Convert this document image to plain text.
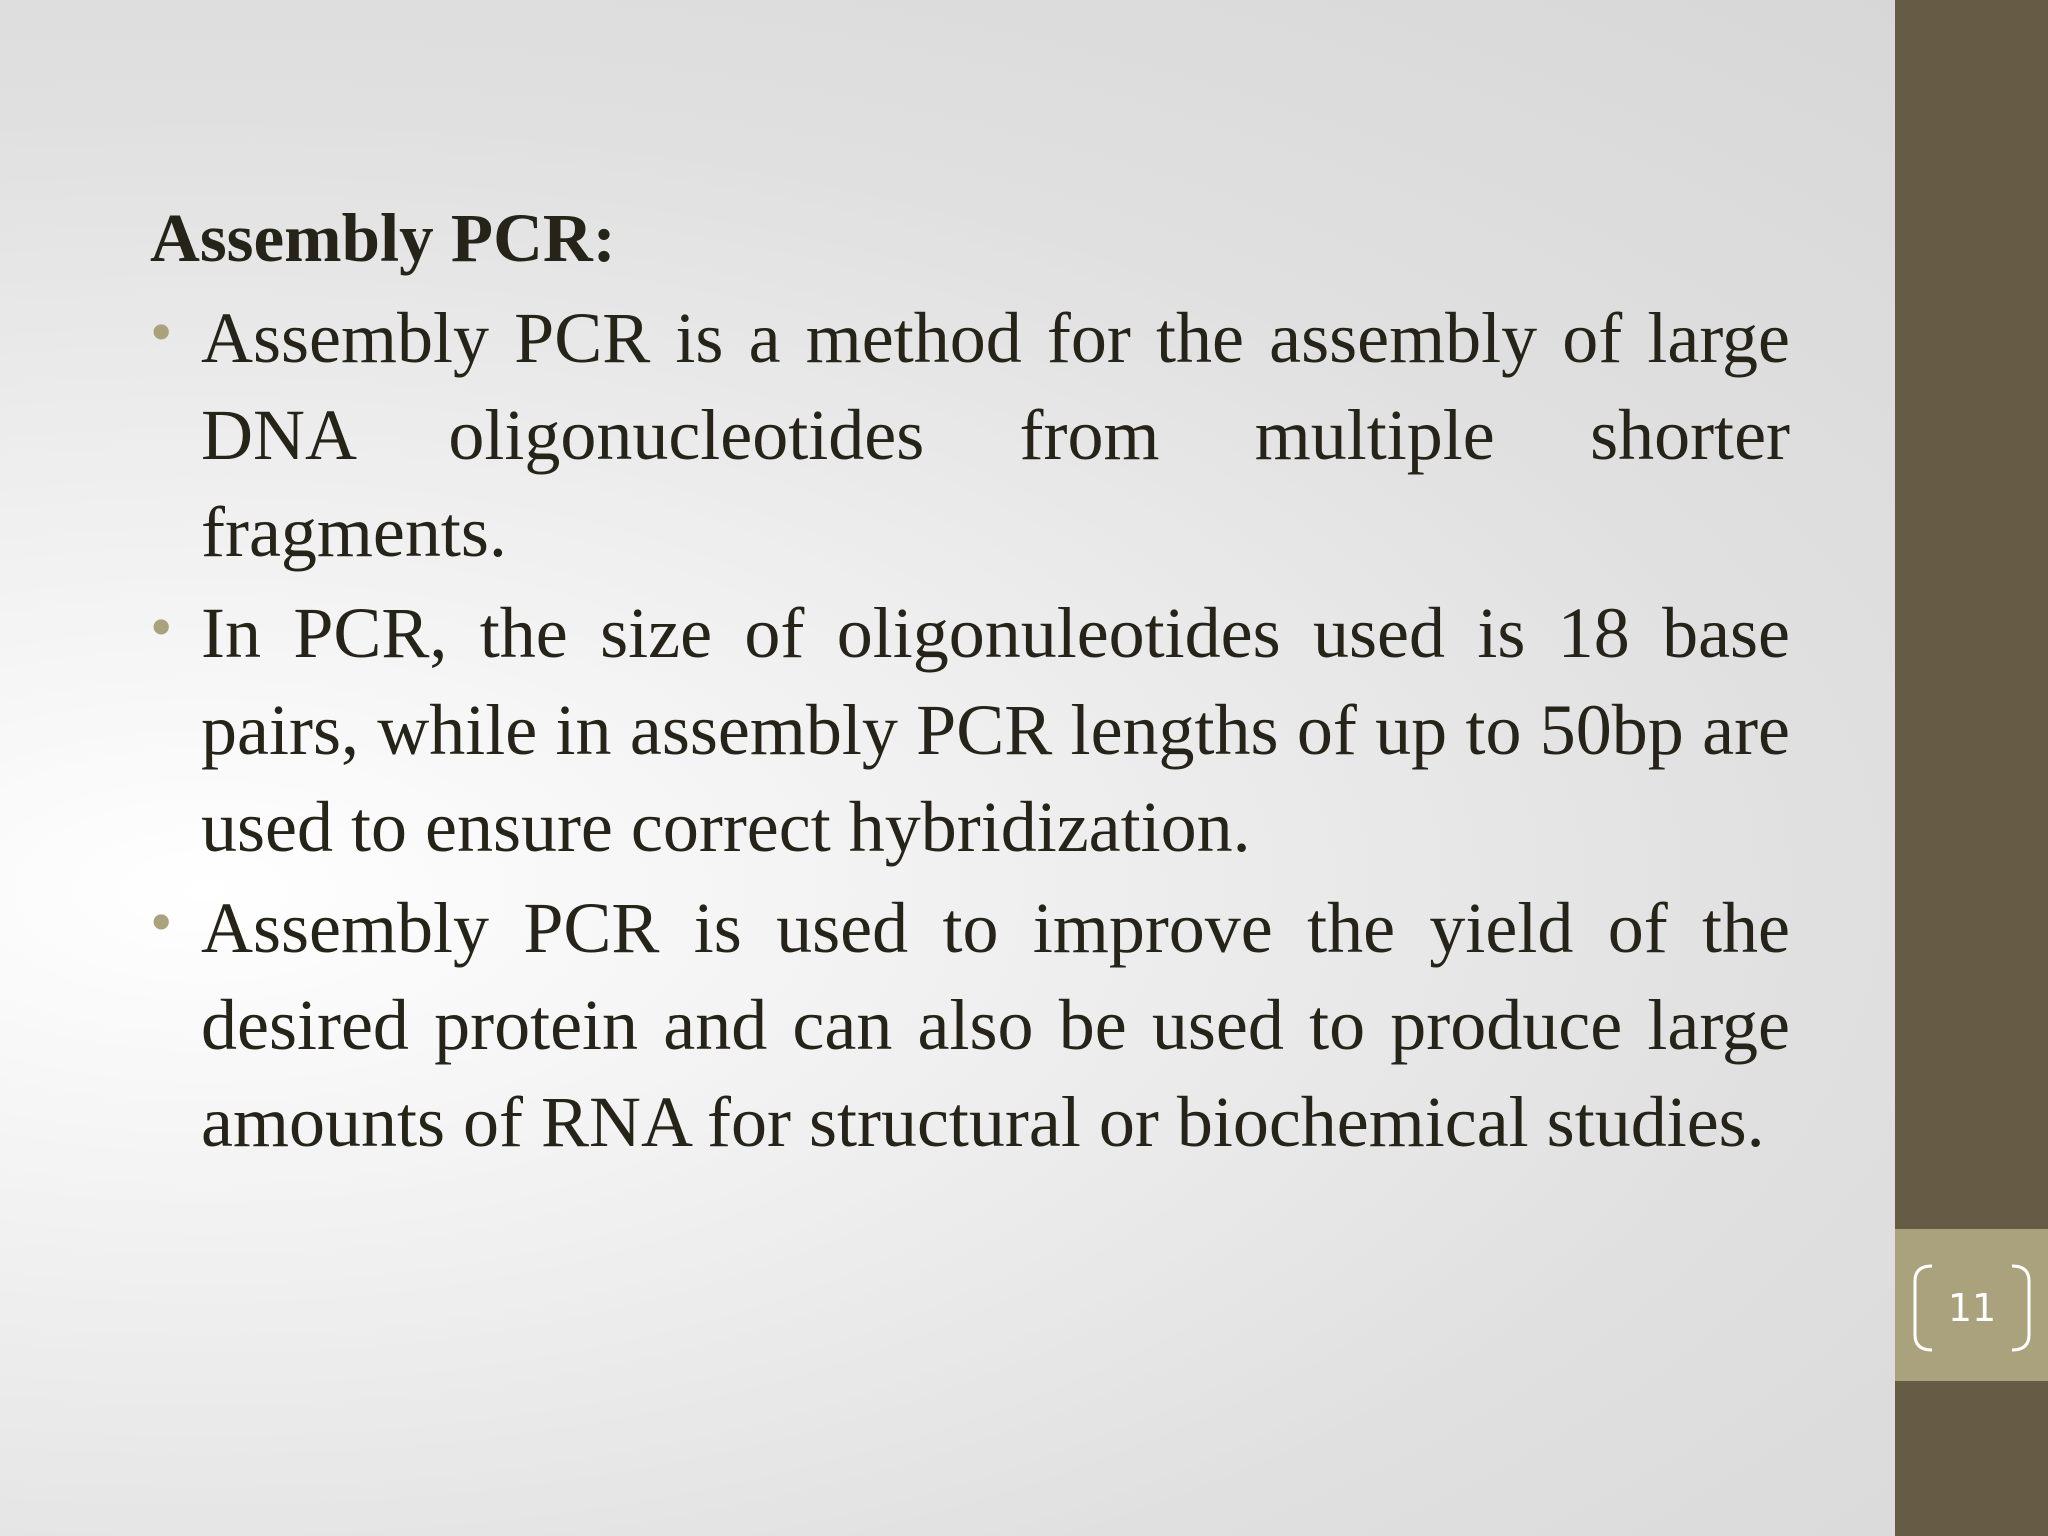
Assembly PCR:

• Assembly PCR is a method for the assembly of large DNA oligonucleotides from multiple shorter fragments.
• In PCR, the size of oligonuleotides used is 18 base pairs, while in assembly PCR lengths of up to 50bp are used to ensure correct hybridization.
• Assembly PCR is used to improve the yield of the desired protein and can also be used to produce large amounts of RNA for structural or biochemical studies.
11
